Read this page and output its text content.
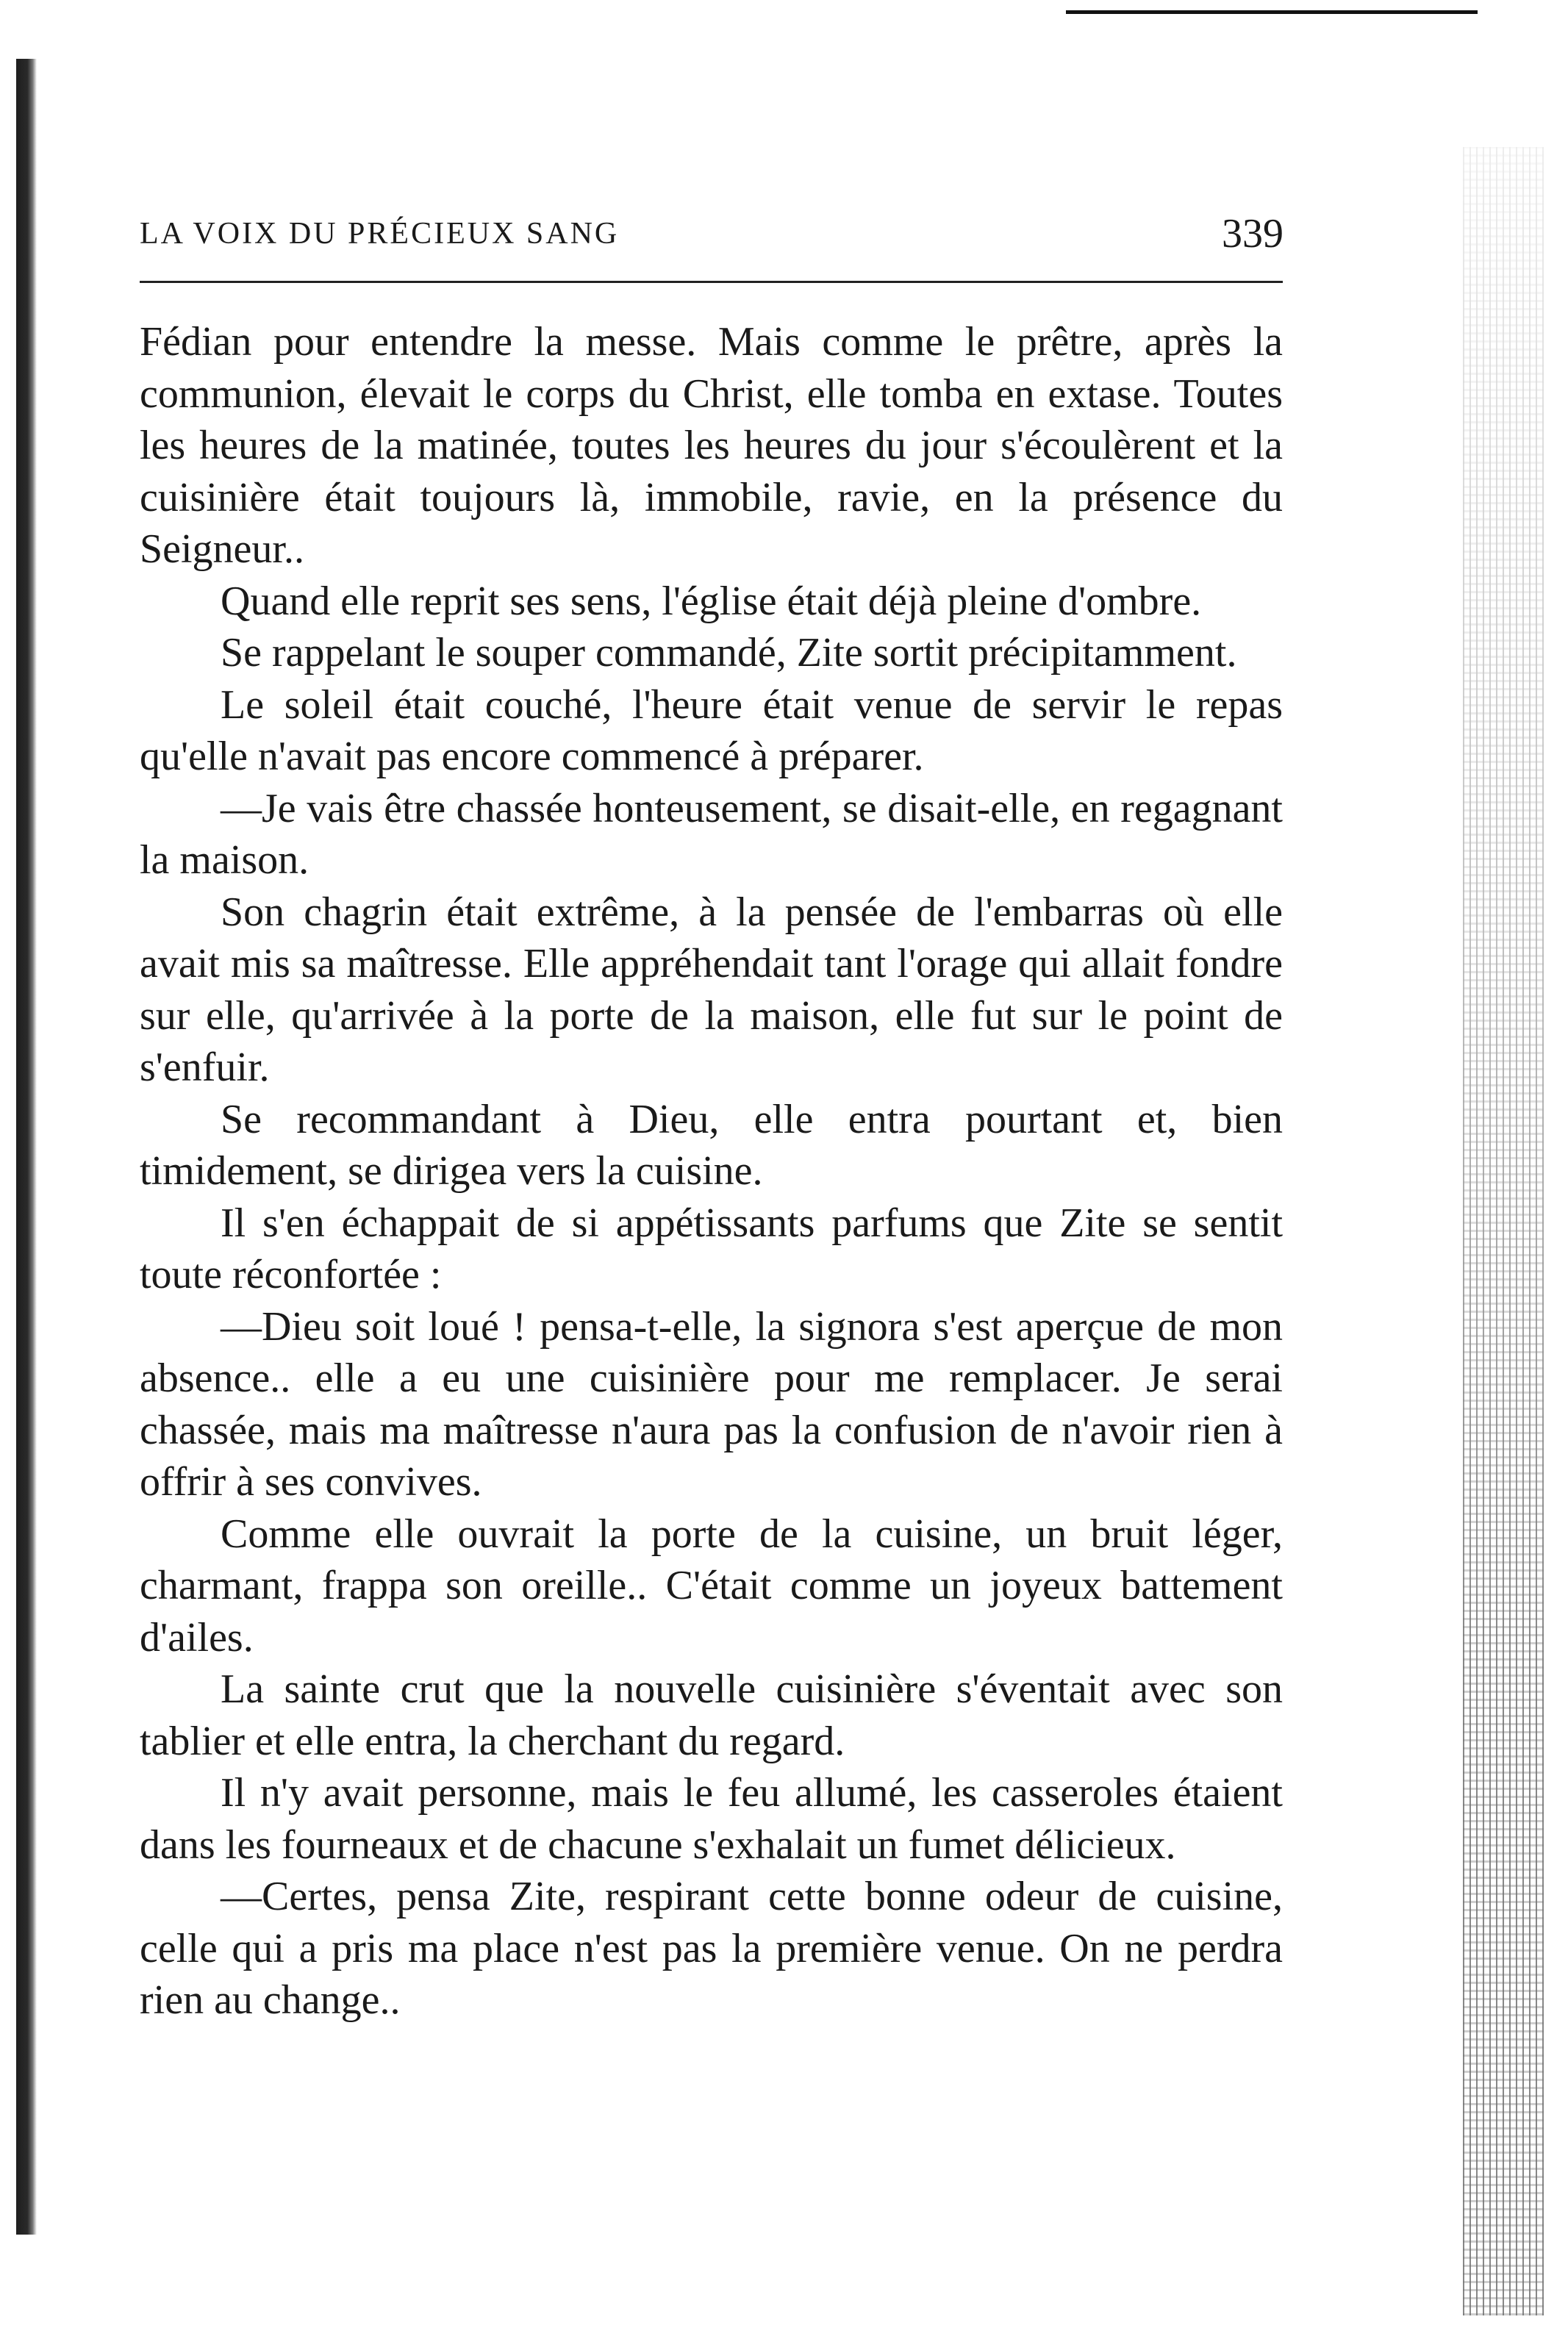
LA VOIX DU PRÉCIEUX SANG	339

Fédian pour entendre la messe. Mais comme le prêtre, après la communion, élevait le corps du Christ, elle tomba en extase. Toutes les heures de la matinée, toutes les heures du jour s'écoulèrent et la cuisinière était toujours là, immobile, ravie, en la présence du Seigneur..

Quand elle reprit ses sens, l'église était déjà pleine d'ombre.

Se rappelant le souper commandé, Zite sortit précipitamment.

Le soleil était couché, l'heure était venue de servir le repas qu'elle n'avait pas encore commencé à préparer.

—Je vais être chassée honteusement, se disait-elle, en regagnant la maison.

Son chagrin était extrême, à la pensée de l'embarras où elle avait mis sa maîtresse. Elle appréhendait tant l'orage qui allait fondre sur elle, qu'arrivée à la porte de la maison, elle fut sur le point de s'enfuir.

Se recommandant à Dieu, elle entra pourtant et, bien timidement, se dirigea vers la cuisine.

Il s'en échappait de si appétissants parfums que Zite se sentit toute réconfortée :

—Dieu soit loué ! pensa-t-elle, la signora s'est aperçue de mon absence.. elle a eu une cuisinière pour me remplacer. Je serai chassée, mais ma maîtresse n'aura pas la confusion de n'avoir rien à offrir à ses convives.

Comme elle ouvrait la porte de la cuisine, un bruit léger, charmant, frappa son oreille.. C'était comme un joyeux battement d'ailes.

La sainte crut que la nouvelle cuisinière s'éventait avec son tablier et elle entra, la cherchant du regard.

Il n'y avait personne, mais le feu allumé, les casseroles étaient dans les fourneaux et de chacune s'exhalait un fumet délicieux.

—Certes, pensa Zite, respirant cette bonne odeur de cuisine, celle qui a pris ma place n'est pas la première venue. On ne perdra rien au change..
